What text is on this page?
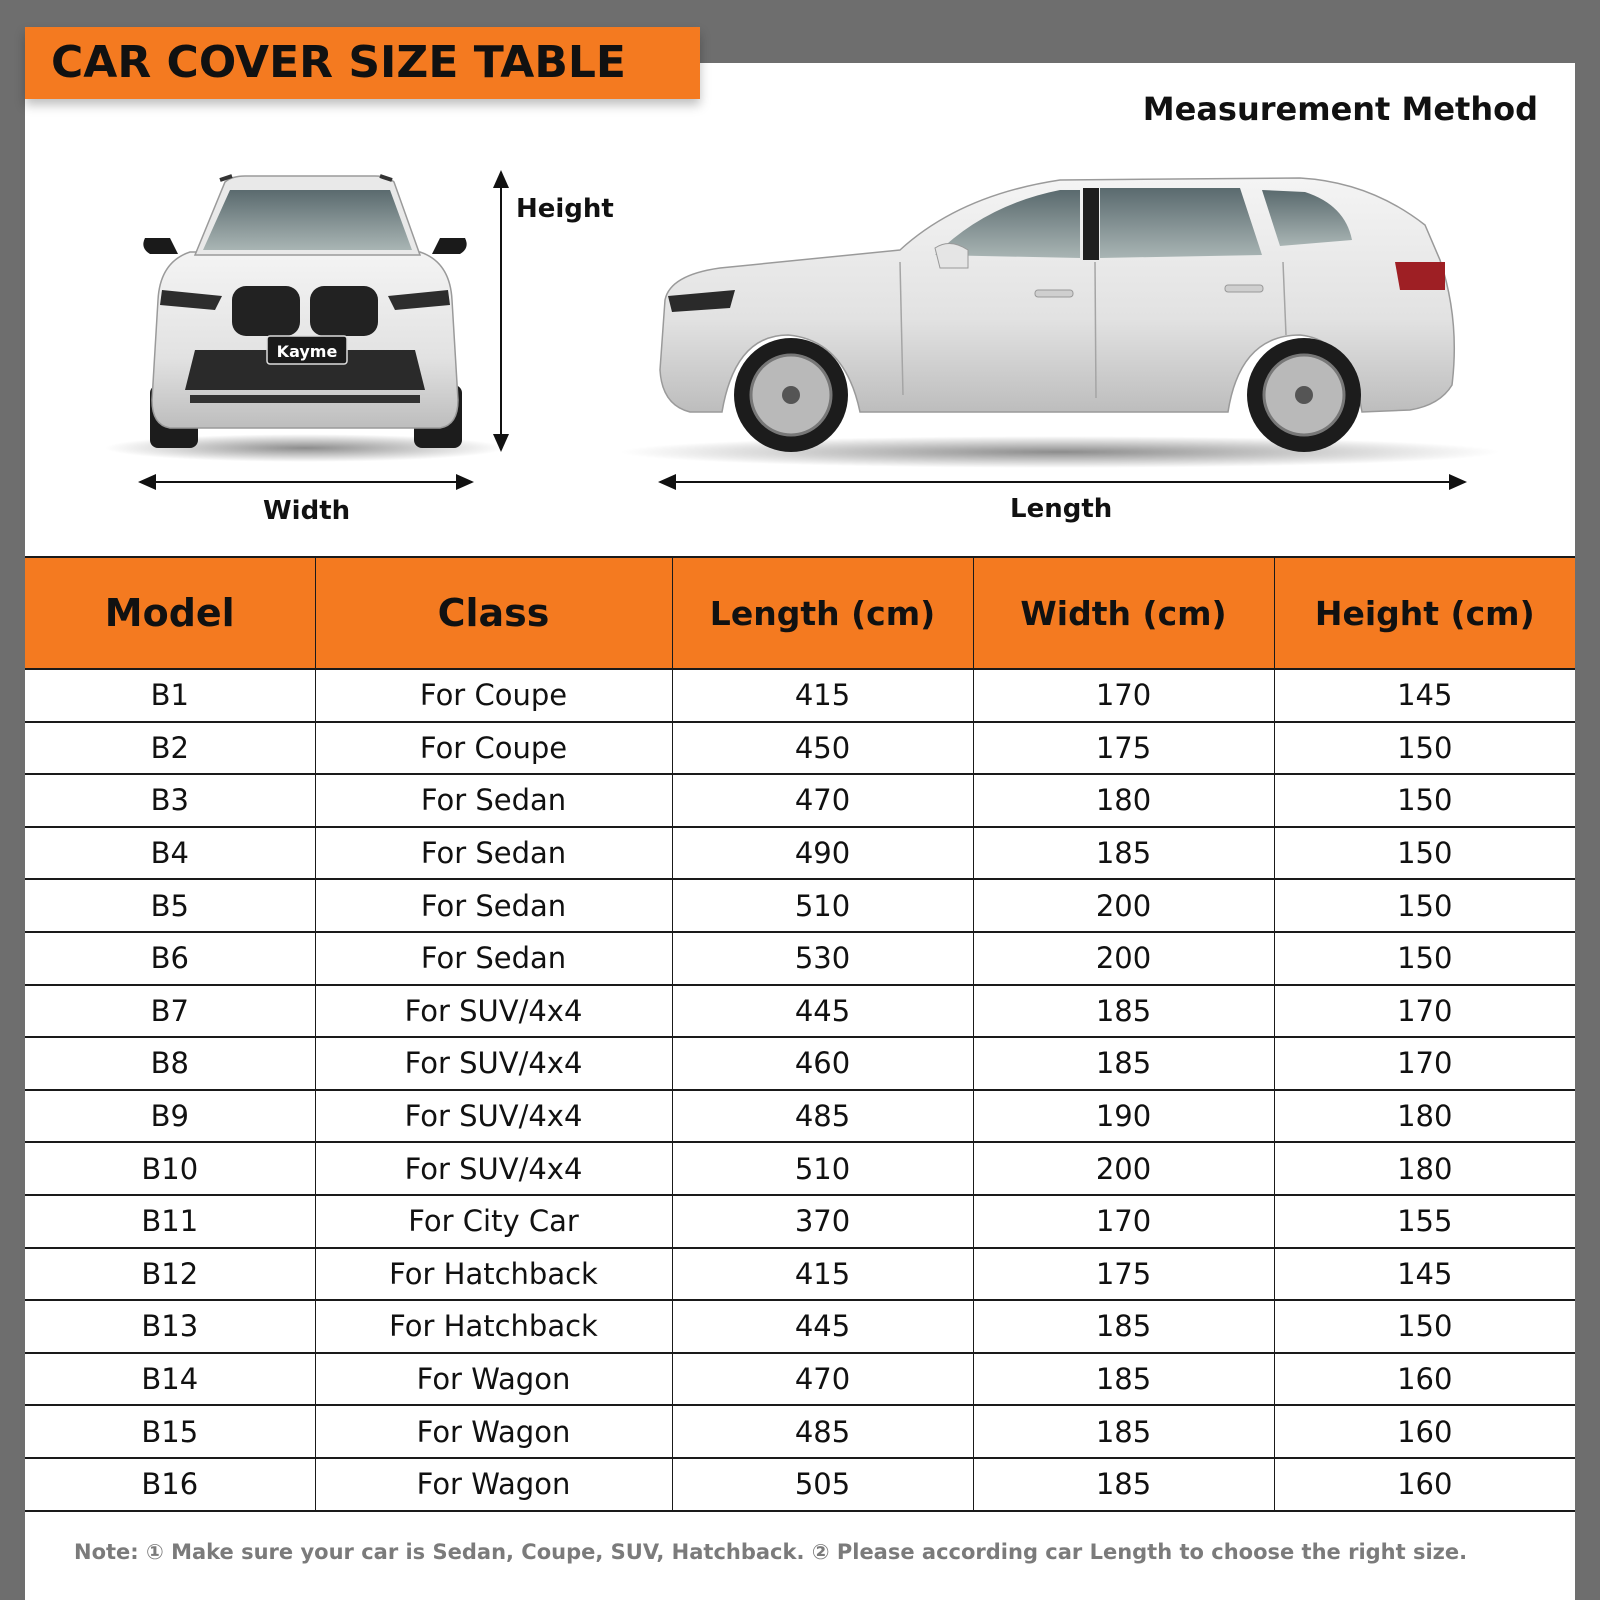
CAR COVER SIZE TABLE
Measurement Method
Kayme
Height
Width	Length
Model	Class	Length (cm)	Width (cm)	Height (cm)
B1	For Coupe	415	170	145
B2	For Coupe	450	175	150
B3	For Sedan	470	180	150
B4	For Sedan	490	185	150
B5	For Sedan	510	200	150
B6	For Sedan	530	200	150
B7	For SUV/4x4	445	185	170
B8	For SUV/4x4	460	185	170
B9	For SUV/4x4	485	190	180
B10	For SUV/4x4	510	200	180
B11	For City Car	370	170	155
B12	For Hatchback	415	175	145
B13	For Hatchback	445	185	150
B14	For Wagon	470	185	160
B15	For Wagon	485	185	160
B16	For Wagon	505	185	160
Note: ① Make sure your car is Sedan, Coupe, SUV, Hatchback. ② Please according car Length to choose the right size.
